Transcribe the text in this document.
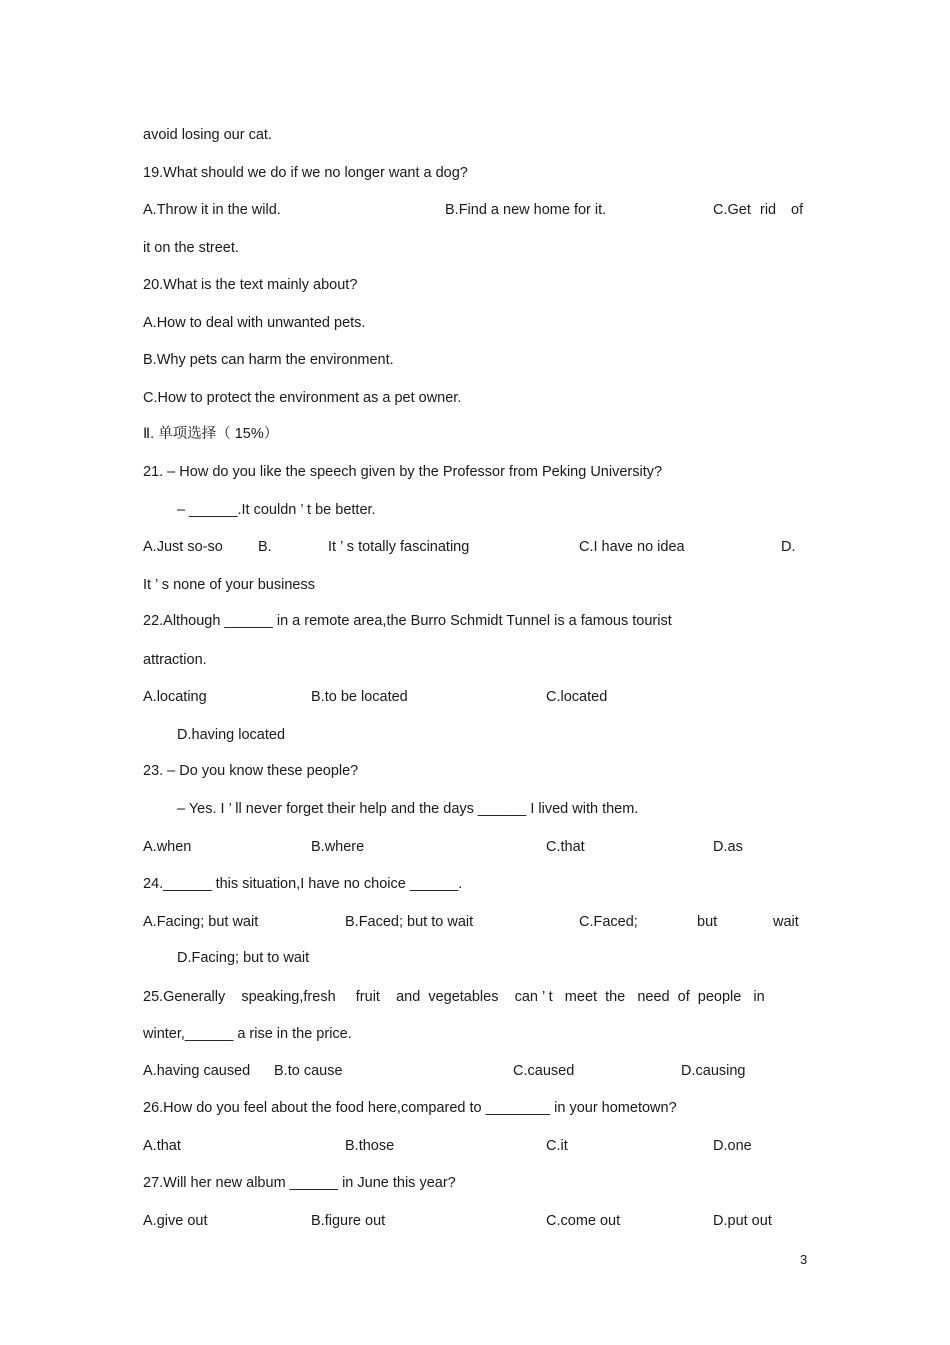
avoid losing our cat.
19.What should we do if we no longer want a dog?
A.Throw it in the wild.	B.Find a new home for it.	C.Get rid of
it on the street.
20.What is the text mainly about?
A.How to deal with unwanted pets.
B.Why pets can harm the environment.
C.How to protect the environment as a pet owner.
Ⅱ. 单项选择（ 15%）
21. – How do you like the speech given by the Professor from Peking University?
– ______.It couldn ’ t be better.
A.Just so-so B.	It ’ s totally fascinating	C.I have no idea	D.
It ’ s none of your business
22.Although ______ in a remote area,the Burro Schmidt Tunnel is a famous tourist
attraction.
A.locating	B.to be located	C.located
D.having located
23. – Do you know these people?
– Yes. I ’ ll never forget their help and the days ______ I lived with them.
A.when	B.where	C.that	D.as
24.______ this situation,I have no choice ______.
A.Facing; but wait	B.Faced; but to wait	C.Faced;	but	wait
D.Facing; but to wait
25.Generally    speaking,fresh     fruit    and  vegetables    can ’ t   meet  the   need  of  people   in
winter,______ a rise in the price.
A.having caused B.to cause	C.caused	D.causing
26.How do you feel about the food here,compared to ________ in your hometown?
A.that	B.those	C.it	D.one
27.Will her new album ______ in June this year?
A.give out	B.figure out	C.come out	D.put out
3
